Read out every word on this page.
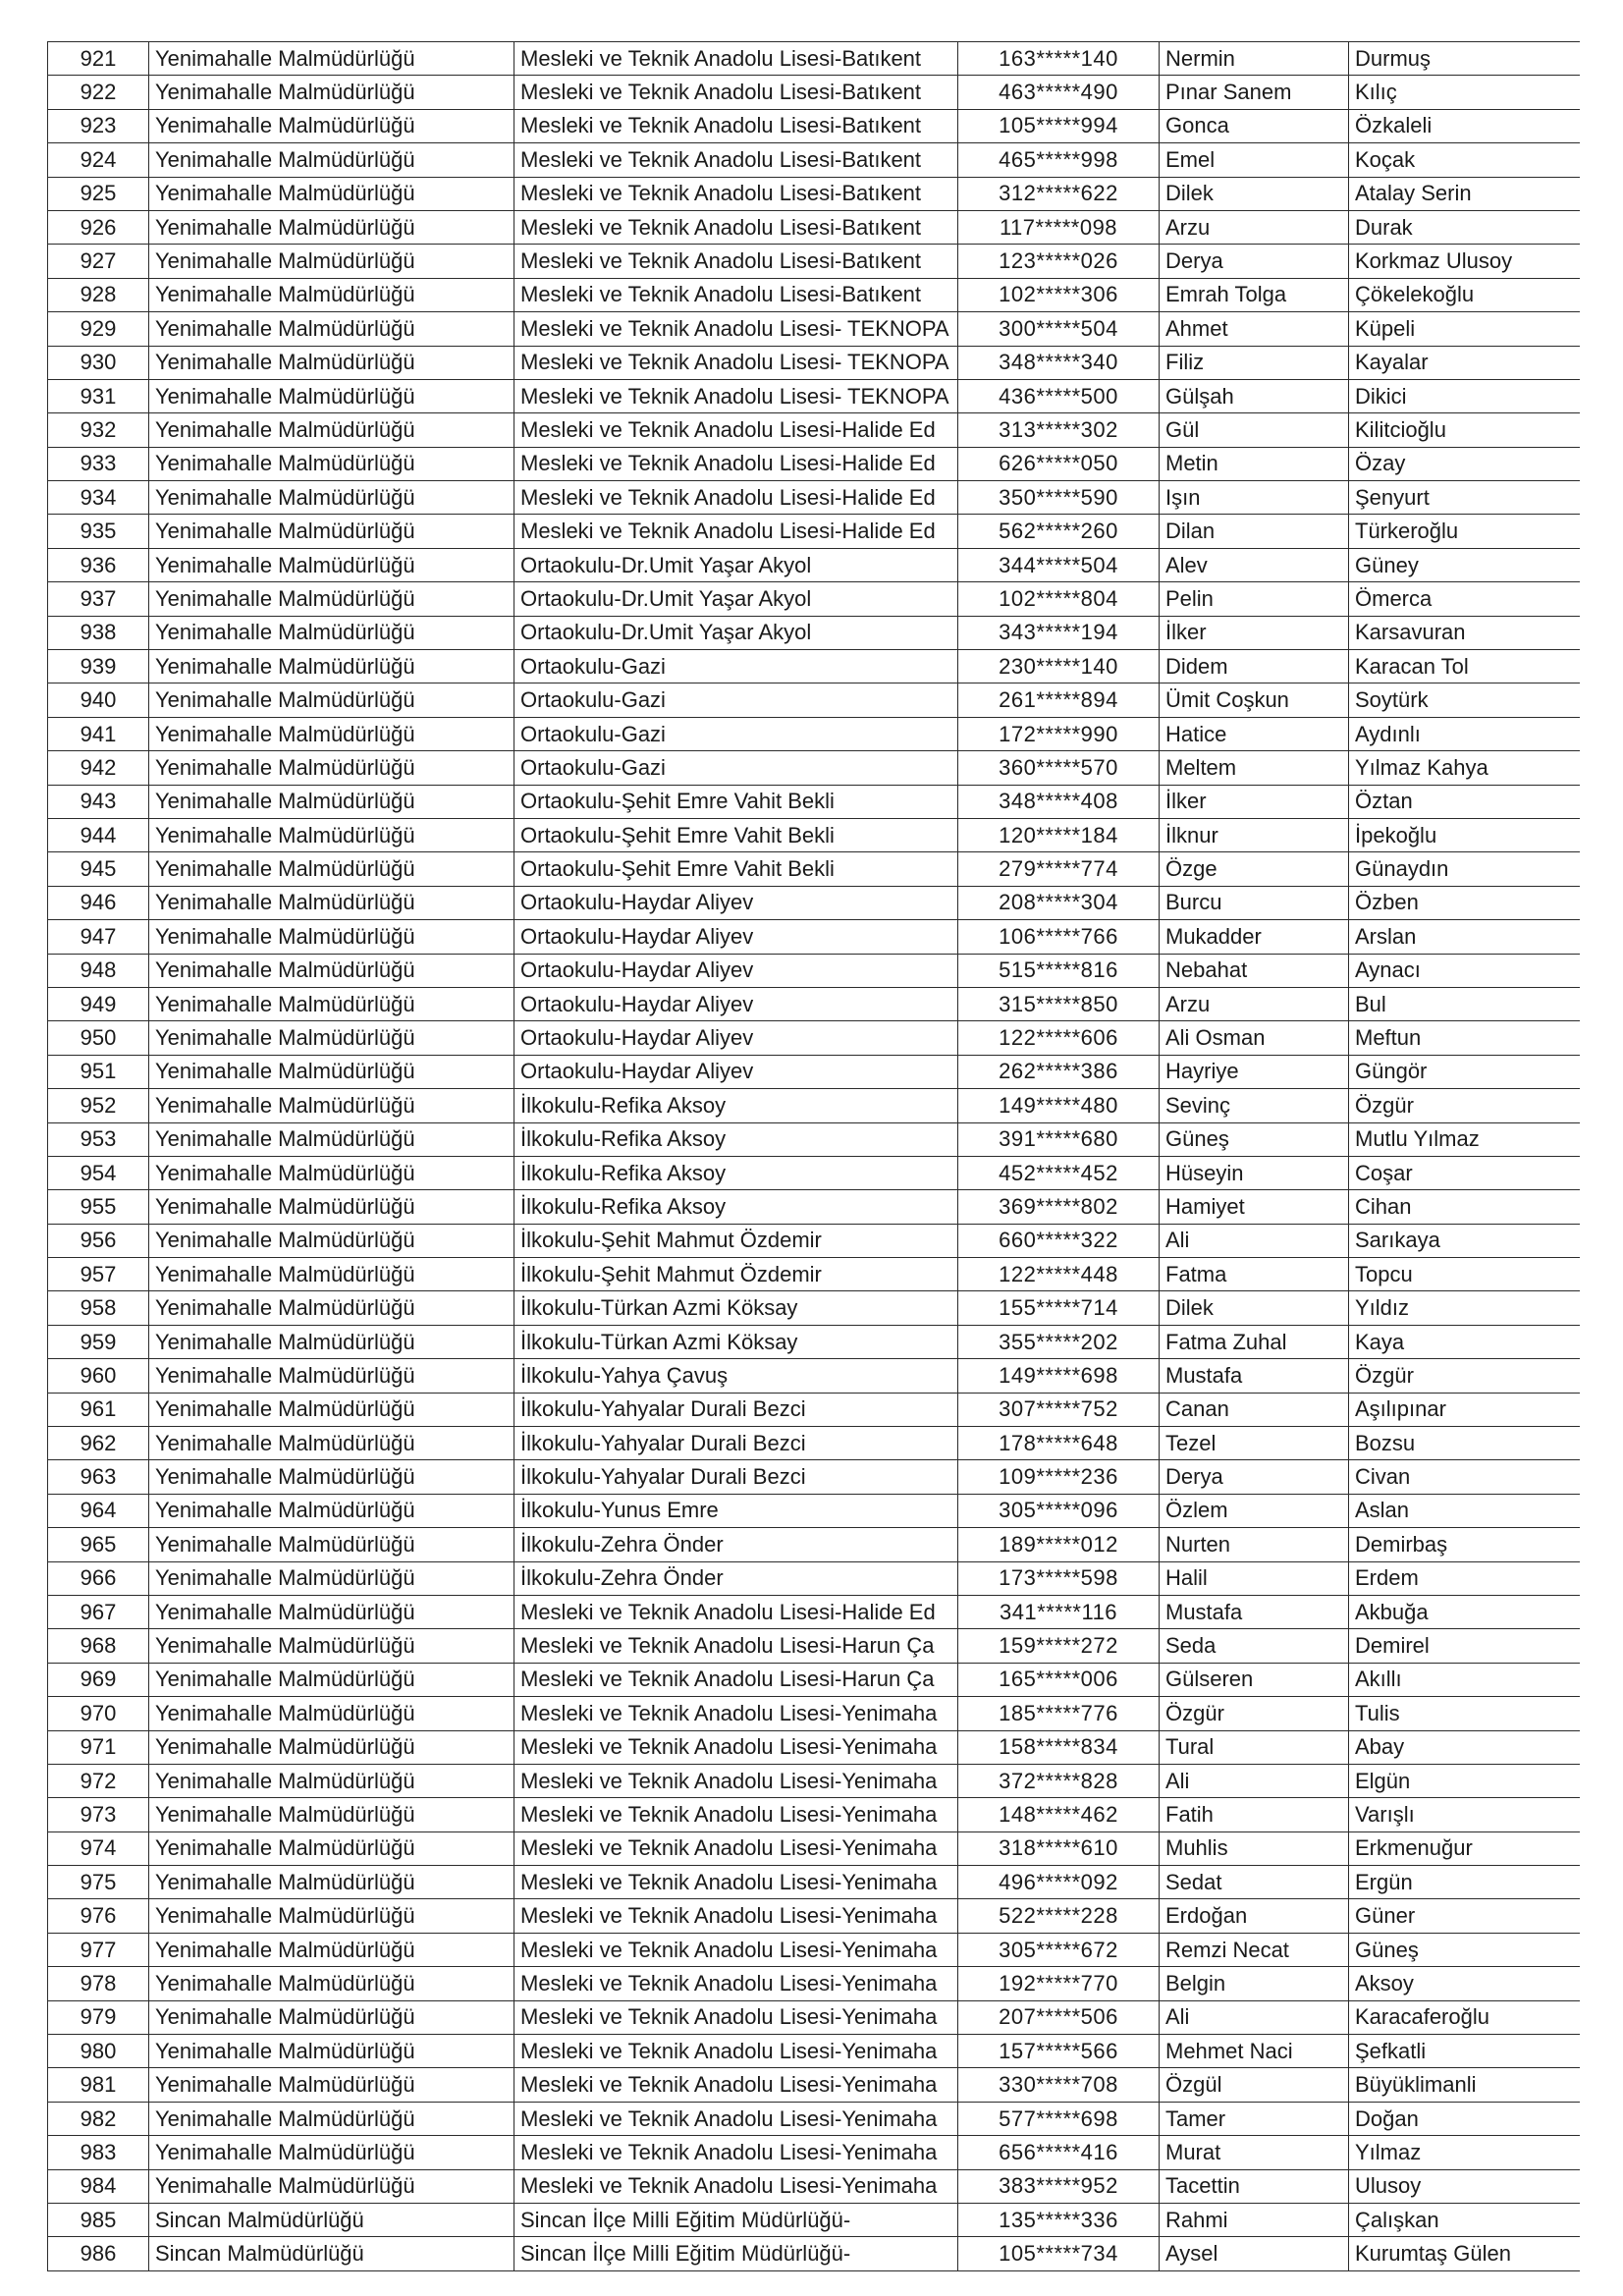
921	Yenimahalle Malmüdürlüğü	Mesleki ve Teknik Anadolu Lisesi-Batıkent	163*****140	Nermin	Durmuş
922	Yenimahalle Malmüdürlüğü	Mesleki ve Teknik Anadolu Lisesi-Batıkent	463*****490	Pınar Sanem	Kılıç
923	Yenimahalle Malmüdürlüğü	Mesleki ve Teknik Anadolu Lisesi-Batıkent	105*****994	Gonca	Özkaleli
924	Yenimahalle Malmüdürlüğü	Mesleki ve Teknik Anadolu Lisesi-Batıkent	465*****998	Emel	Koçak
925	Yenimahalle Malmüdürlüğü	Mesleki ve Teknik Anadolu Lisesi-Batıkent	312*****622	Dilek	Atalay Serin
926	Yenimahalle Malmüdürlüğü	Mesleki ve Teknik Anadolu Lisesi-Batıkent	117*****098	Arzu	Durak
927	Yenimahalle Malmüdürlüğü	Mesleki ve Teknik Anadolu Lisesi-Batıkent	123*****026	Derya	Korkmaz Ulusoy
928	Yenimahalle Malmüdürlüğü	Mesleki ve Teknik Anadolu Lisesi-Batıkent	102*****306	Emrah Tolga	Çökelekoğlu
929	Yenimahalle Malmüdürlüğü	Mesleki ve Teknik Anadolu Lisesi- TEKNOPA	300*****504	Ahmet	Küpeli
930	Yenimahalle Malmüdürlüğü	Mesleki ve Teknik Anadolu Lisesi- TEKNOPA	348*****340	Filiz	Kayalar
931	Yenimahalle Malmüdürlüğü	Mesleki ve Teknik Anadolu Lisesi- TEKNOPA	436*****500	Gülşah	Dikici
932	Yenimahalle Malmüdürlüğü	Mesleki ve Teknik Anadolu Lisesi-Halide Ed	313*****302	Gül	Kilitcioğlu
933	Yenimahalle Malmüdürlüğü	Mesleki ve Teknik Anadolu Lisesi-Halide Ed	626*****050	Metin	Özay
934	Yenimahalle Malmüdürlüğü	Mesleki ve Teknik Anadolu Lisesi-Halide Ed	350*****590	Işın	Şenyurt
935	Yenimahalle Malmüdürlüğü	Mesleki ve Teknik Anadolu Lisesi-Halide Ed	562*****260	Dilan	Türkeroğlu
936	Yenimahalle Malmüdürlüğü	Ortaokulu-Dr.Umit Yaşar Akyol	344*****504	Alev	Güney
937	Yenimahalle Malmüdürlüğü	Ortaokulu-Dr.Umit Yaşar Akyol	102*****804	Pelin	Ömerca
938	Yenimahalle Malmüdürlüğü	Ortaokulu-Dr.Umit Yaşar Akyol	343*****194	İlker	Karsavuran
939	Yenimahalle Malmüdürlüğü	Ortaokulu-Gazi	230*****140	Didem	Karacan Tol
940	Yenimahalle Malmüdürlüğü	Ortaokulu-Gazi	261*****894	Ümit Coşkun	Soytürk
941	Yenimahalle Malmüdürlüğü	Ortaokulu-Gazi	172*****990	Hatice	Aydınlı
942	Yenimahalle Malmüdürlüğü	Ortaokulu-Gazi	360*****570	Meltem	Yılmaz Kahya
943	Yenimahalle Malmüdürlüğü	Ortaokulu-Şehit Emre Vahit Bekli	348*****408	İlker	Öztan
944	Yenimahalle Malmüdürlüğü	Ortaokulu-Şehit Emre Vahit Bekli	120*****184	İlknur	İpekoğlu
945	Yenimahalle Malmüdürlüğü	Ortaokulu-Şehit Emre Vahit Bekli	279*****774	Özge	Günaydın
946	Yenimahalle Malmüdürlüğü	Ortaokulu-Haydar Aliyev	208*****304	Burcu	Özben
947	Yenimahalle Malmüdürlüğü	Ortaokulu-Haydar Aliyev	106*****766	Mukadder	Arslan
948	Yenimahalle Malmüdürlüğü	Ortaokulu-Haydar Aliyev	515*****816	Nebahat	Aynacı
949	Yenimahalle Malmüdürlüğü	Ortaokulu-Haydar Aliyev	315*****850	Arzu	Bul
950	Yenimahalle Malmüdürlüğü	Ortaokulu-Haydar Aliyev	122*****606	Ali Osman	Meftun
951	Yenimahalle Malmüdürlüğü	Ortaokulu-Haydar Aliyev	262*****386	Hayriye	Güngör
952	Yenimahalle Malmüdürlüğü	İlkokulu-Refika Aksoy	149*****480	Sevinç	Özgür
953	Yenimahalle Malmüdürlüğü	İlkokulu-Refika Aksoy	391*****680	Güneş	Mutlu Yılmaz
954	Yenimahalle Malmüdürlüğü	İlkokulu-Refika Aksoy	452*****452	Hüseyin	Coşar
955	Yenimahalle Malmüdürlüğü	İlkokulu-Refika Aksoy	369*****802	Hamiyet	Cihan
956	Yenimahalle Malmüdürlüğü	İlkokulu-Şehit Mahmut Özdemir	660*****322	Ali	Sarıkaya
957	Yenimahalle Malmüdürlüğü	İlkokulu-Şehit Mahmut Özdemir	122*****448	Fatma	Topcu
958	Yenimahalle Malmüdürlüğü	İlkokulu-Türkan Azmi Köksay	155*****714	Dilek	Yıldız
959	Yenimahalle Malmüdürlüğü	İlkokulu-Türkan Azmi Köksay	355*****202	Fatma Zuhal	Kaya
960	Yenimahalle Malmüdürlüğü	İlkokulu-Yahya Çavuş	149*****698	Mustafa	Özgür
961	Yenimahalle Malmüdürlüğü	İlkokulu-Yahyalar Durali Bezci	307*****752	Canan	Aşılıpınar
962	Yenimahalle Malmüdürlüğü	İlkokulu-Yahyalar Durali Bezci	178*****648	Tezel	Bozsu
963	Yenimahalle Malmüdürlüğü	İlkokulu-Yahyalar Durali Bezci	109*****236	Derya	Civan
964	Yenimahalle Malmüdürlüğü	İlkokulu-Yunus Emre	305*****096	Özlem	Aslan
965	Yenimahalle Malmüdürlüğü	İlkokulu-Zehra Önder	189*****012	Nurten	Demirbaş
966	Yenimahalle Malmüdürlüğü	İlkokulu-Zehra Önder	173*****598	Halil	Erdem
967	Yenimahalle Malmüdürlüğü	Mesleki ve Teknik Anadolu Lisesi-Halide Ed	341*****116	Mustafa	Akbuğa
968	Yenimahalle Malmüdürlüğü	Mesleki ve Teknik Anadolu Lisesi-Harun Ça	159*****272	Seda	Demirel
969	Yenimahalle Malmüdürlüğü	Mesleki ve Teknik Anadolu Lisesi-Harun Ça	165*****006	Gülseren	Akıllı
970	Yenimahalle Malmüdürlüğü	Mesleki ve Teknik Anadolu Lisesi-Yenimaha	185*****776	Özgür	Tulis
971	Yenimahalle Malmüdürlüğü	Mesleki ve Teknik Anadolu Lisesi-Yenimaha	158*****834	Tural	Abay
972	Yenimahalle Malmüdürlüğü	Mesleki ve Teknik Anadolu Lisesi-Yenimaha	372*****828	Ali	Elgün
973	Yenimahalle Malmüdürlüğü	Mesleki ve Teknik Anadolu Lisesi-Yenimaha	148*****462	Fatih	Varışlı
974	Yenimahalle Malmüdürlüğü	Mesleki ve Teknik Anadolu Lisesi-Yenimaha	318*****610	Muhlis	Erkmenuğur
975	Yenimahalle Malmüdürlüğü	Mesleki ve Teknik Anadolu Lisesi-Yenimaha	496*****092	Sedat	Ergün
976	Yenimahalle Malmüdürlüğü	Mesleki ve Teknik Anadolu Lisesi-Yenimaha	522*****228	Erdoğan	Güner
977	Yenimahalle Malmüdürlüğü	Mesleki ve Teknik Anadolu Lisesi-Yenimaha	305*****672	Remzi Necat	Güneş
978	Yenimahalle Malmüdürlüğü	Mesleki ve Teknik Anadolu Lisesi-Yenimaha	192*****770	Belgin	Aksoy
979	Yenimahalle Malmüdürlüğü	Mesleki ve Teknik Anadolu Lisesi-Yenimaha	207*****506	Ali	Karacaferoğlu
980	Yenimahalle Malmüdürlüğü	Mesleki ve Teknik Anadolu Lisesi-Yenimaha	157*****566	Mehmet Naci	Şefkatli
981	Yenimahalle Malmüdürlüğü	Mesleki ve Teknik Anadolu Lisesi-Yenimaha	330*****708	Özgül	Büyüklimanli
982	Yenimahalle Malmüdürlüğü	Mesleki ve Teknik Anadolu Lisesi-Yenimaha	577*****698	Tamer	Doğan
983	Yenimahalle Malmüdürlüğü	Mesleki ve Teknik Anadolu Lisesi-Yenimaha	656*****416	Murat	Yılmaz
984	Yenimahalle Malmüdürlüğü	Mesleki ve Teknik Anadolu Lisesi-Yenimaha	383*****952	Tacettin	Ulusoy
985	Sincan Malmüdürlüğü	Sincan İlçe Milli Eğitim Müdürlüğü-	135*****336	Rahmi	Çalışkan
986	Sincan Malmüdürlüğü	Sincan İlçe Milli Eğitim Müdürlüğü-	105*****734	Aysel	Kurumtaş Gülen
